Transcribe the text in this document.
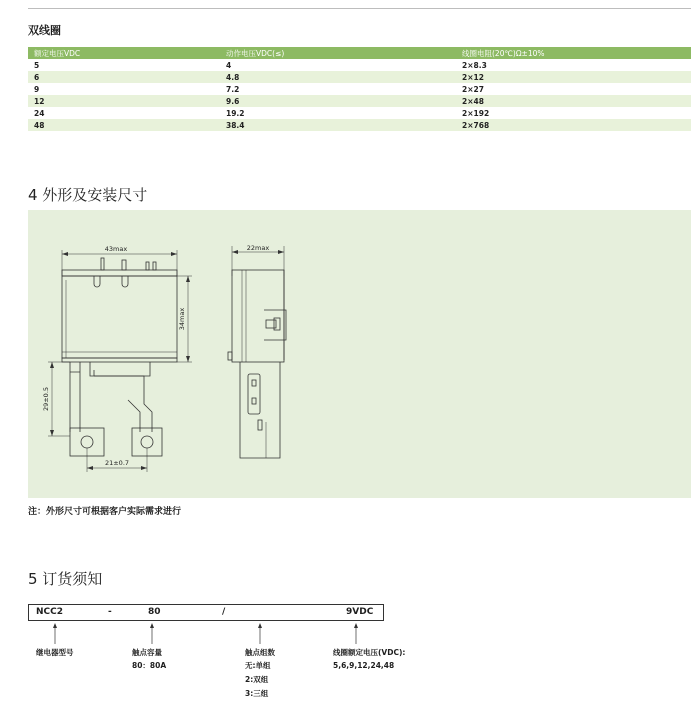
双线圈
额定电压VDC	动作电压VDC(≤)	线圈电阻(20℃)Ω±10%
5	4	2×8.3
6	4.8	2×12
9	7.2	2×27
12	9.6	2×48
24	19.2	2×192
48	38.4	2×768
4 外形及安装尺寸
43max
34max
29±0.5
21±0.7
22max
注：外形尺寸可根据客户实际需求进行
5 订货须知
NCC2	-	80	/	9VDC
继电器型号	触点容量
80：80A
触点组数
无:单组
2:双组
3:三组
线圈额定电压(VDC):
5,6,9,12,24,48
